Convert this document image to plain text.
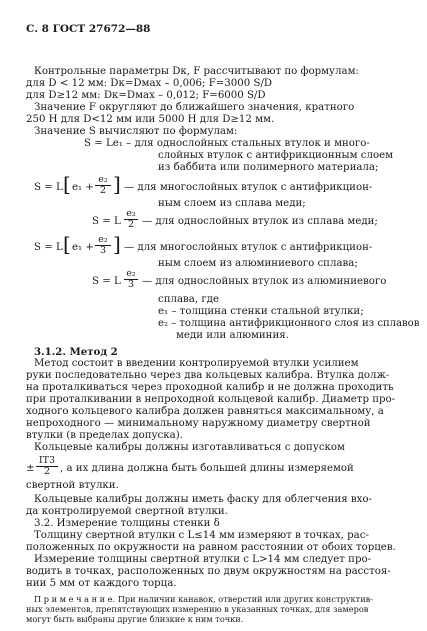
С. 8 ГОСТ 27672—88
Контрольные параметры Dк, F рассчитывают по формулам:
для D < 12 мм: Dк=Dмax – 0,006; F=3000 S/D
для D≥12 мм: Dк=Dмax – 0,012; F=6000 S/D
Значение F округляют до ближайшего значения, кратного
250 Н для D<12 мм или 5000 Н для D≥12 мм.
Значение S вычисляют по формулам:
S = Le₁ – для однослойных стальных втулок и много-
слойных втулок с антифрикционным слоем
из баббита или полимерного материала;
S = L [ $e_1 + \frac{\text{e₂}}{2}$ ] — для многослойных втулок с антифрикцион-
ным слоем из сплава меди;
S = L $\frac{\text{e₂}}{2}$ — для однослойных втулок из сплава меди;
S = L [ $e_1 + \frac{\text{e₂}}{3}$ ] — для многослойных втулок с антифрикцион-
ным слоем из алюминиевого сплава;
S = L $\frac{\text{e₂}}{3}$ — для однослойных втулок из алюминиевого
сплава, где
e₁ – толщина стенки стальной втулки;
e₂ – толщина антифрикционного слоя из сплавов
меди или алюминия.
3.1.2. Метод 2
Метод состоит в введении контролируемой втулки усилием
руки последовательно через два кольцевых калибра. Втулка долж-
на проталкиваться через проходной калибр и не должна проходить
при проталкивании в непроходной кольцевой калибр. Диаметр про-
ходного кольцевого калибра должен равняться максимальному, а
непроходного — минимальному наружному диаметру свертной
втулки (в пределах допуска).
Кольцевые калибры должны изготавливаться с допуском
± $\frac{IT3}{2}$ , а их длина должна быть большей длины измеряемой
свертной втулки.
Кольцевые калибры должны иметь фаску для облегчения вхо-
да контролируемой свертной втулки.
3.2. Измерение толщины стенки δ
Толщину свертной втулки с L≤14 мм измеряют в точках, рас-
положенных по окружности на равном расстоянии от обоих торцев.
Измерение толщины свертной втулки с L>14 мм следует про-
водить в точках, расположенных по двум окружностям на расстоя-
нии 5 мм от каждого торца.
П р и м е ч а н и е. При наличии канавок, отверстий или других конструктив-
ных элементов, препятствующих измерению в указанных точках, для замеров
могут быть выбраны другие близкие к ним точки.
